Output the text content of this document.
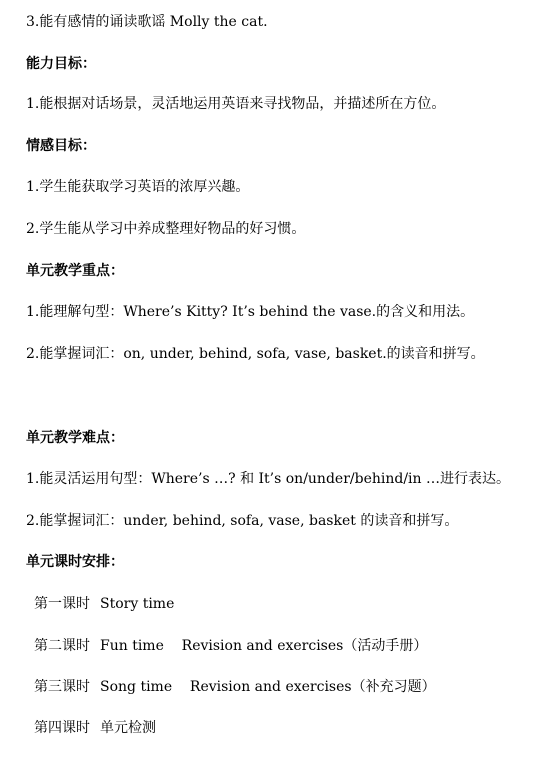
3.能有感情的诵读歌谣 Molly the cat.
能力目标：
1.能根据对话场景，灵活地运用英语来寻找物品，并描述所在方位。
情感目标：
1.学生能获取学习英语的浓厚兴趣。
2.学生能从学习中养成整理好物品的好习惯。
单元教学重点：
1.能理解句型：Where’s Kitty? It’s behind the vase.的含义和用法。
2.能掌握词汇：on, under, behind, sofa, vase, basket.的读音和拼写。
单元教学难点：
1.能灵活运用句型：Where’s …? 和 It’s on/under/behind/in …进行表达。
2.能掌握词汇：under, behind, sofa, vase, basket 的读音和拼写。
单元课时安排：
第一课时 Story time
第二课时 Fun time    Revision and exercises（活动手册）
第三课时 Song time    Revision and exercises（补充习题）
第四课时 单元检测
